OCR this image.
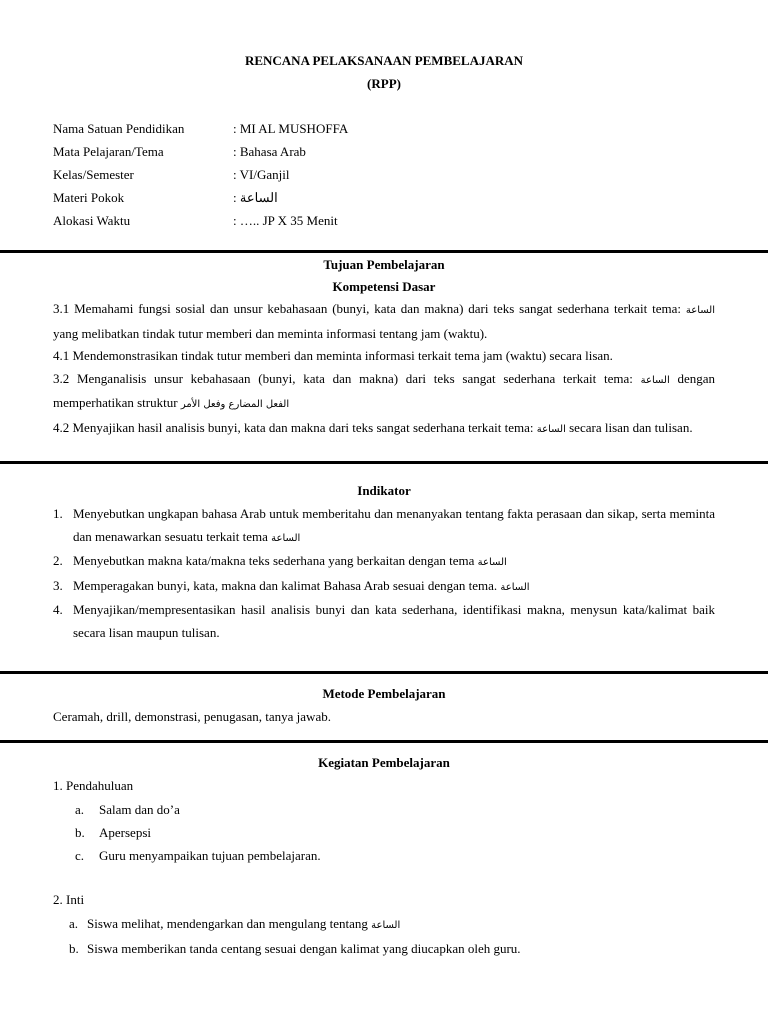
RENCANA PELAKSANAAN PEMBELAJARAN
(RPP)
Nama Satuan Pendidikan	: MI AL MUSHOFFA
Mata Pelajaran/Tema	: Bahasa Arab
Kelas/Semester	: VI/Ganjil
Materi Pokok	: الساعة
Alokasi Waktu	: ….. JP X 35 Menit
Tujuan Pembelajaran
Kompetensi Dasar
3.1 Memahami fungsi sosial dan unsur kebahasaan (bunyi, kata dan makna) dari teks sangat sederhana terkait tema: الساعة yang melibatkan tindak tutur memberi dan meminta informasi tentang jam (waktu).
4.1 Mendemonstrasikan tindak tutur memberi dan meminta informasi terkait tema jam (waktu) secara lisan.
3.2 Menganalisis unsur kebahasaan (bunyi, kata dan makna) dari teks sangat sederhana terkait tema: الساعة dengan memperhatikan struktur الفعل المضارع وفعل الأمر
4.2 Menyajikan hasil analisis bunyi, kata dan makna dari teks sangat sederhana terkait tema: الساعة secara lisan dan tulisan.
Indikator
1. Menyebutkan ungkapan bahasa Arab untuk memberitahu dan menanyakan tentang fakta perasaan dan sikap, serta meminta dan menawarkan sesuatu terkait tema الساعة
2. Menyebutkan makna kata/makna teks sederhana yang berkaitan dengan tema الساعة
3. Memperagakan bunyi, kata, makna dan kalimat Bahasa Arab sesuai dengan tema. الساعة
4. Menyajikan/mempresentasikan hasil analisis bunyi dan kata sederhana, identifikasi makna, menysun kata/kalimat baik secara lisan maupun tulisan.
Metode Pembelajaran
Ceramah, drill, demonstrasi, penugasan, tanya jawab.
Kegiatan Pembelajaran
1. Pendahuluan
a. Salam dan do’a
b. Apersepsi
c. Guru menyampaikan tujuan pembelajaran.
2. Inti
a. Siswa melihat, mendengarkan dan mengulang tentang الساعة
b. Siswa memberikan tanda centang sesuai dengan kalimat yang diucapkan oleh guru.
